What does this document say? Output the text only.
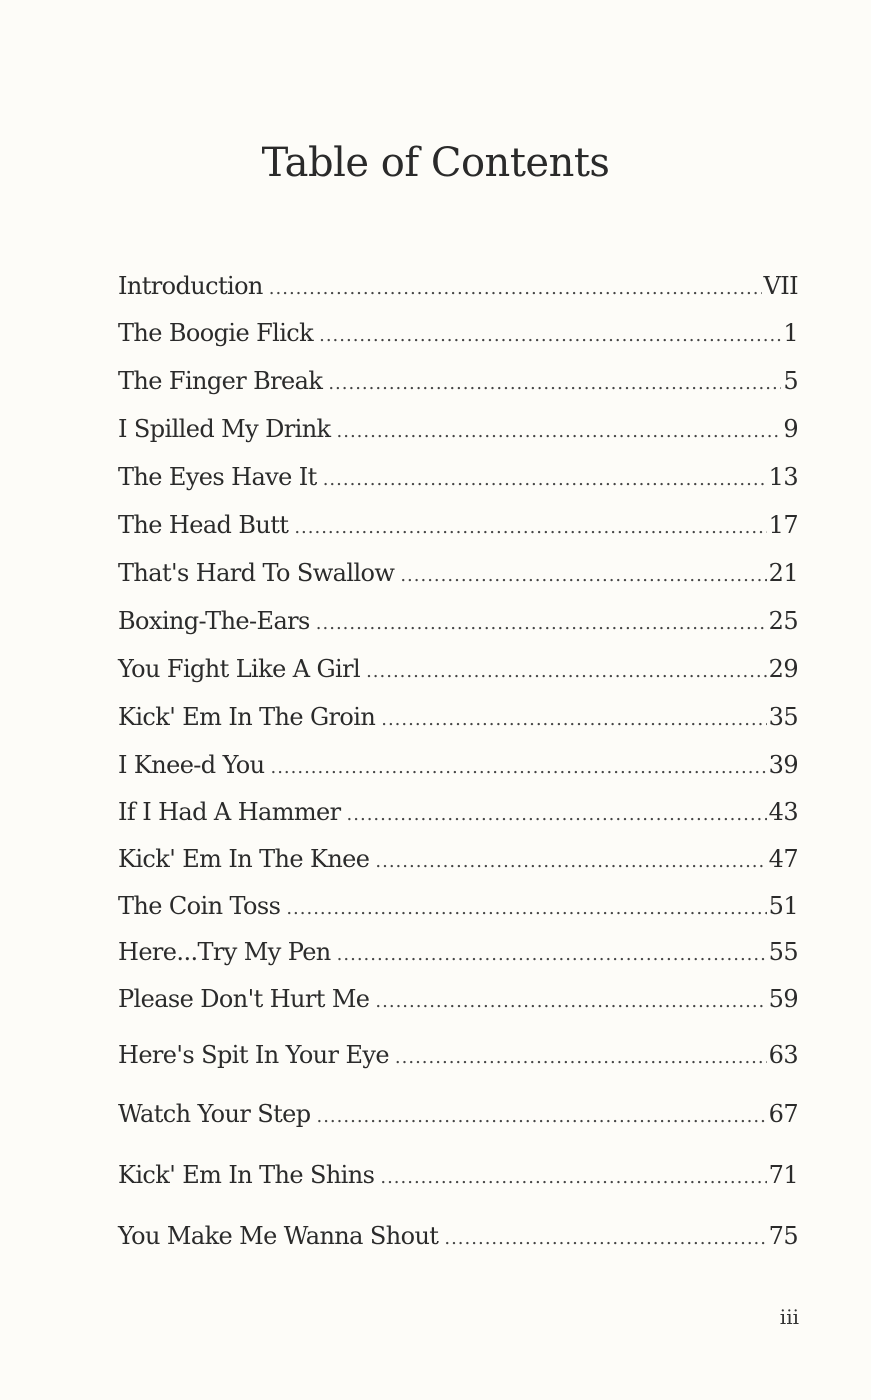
Table of Contents
Introduction .....	VII
The Boogie Flick .....	1
The Finger Break .....	5
I Spilled My Drink .....	9
The Eyes Have It .....	13
The Head Butt .....	17
That's Hard To Swallow .....	21
Boxing-The-Ears .....	25
You Fight Like A Girl .....	29
Kick' Em In The Groin .....	35
I Knee-d You .....	39
If I Had A Hammer .....	43
Kick' Em In The Knee .....	47
The Coin Toss .....	51
Here...Try My Pen .....	55
Please Don't Hurt Me .....	59
Here's Spit In Your Eye .....	63
Watch Your Step .....	67
Kick' Em In The Shins .....	71
You Make Me Wanna Shout .....	75
iii
